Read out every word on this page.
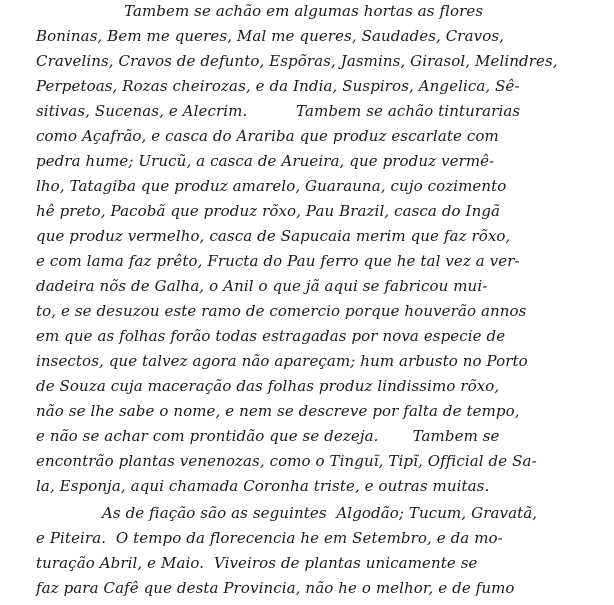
Tambem se achão em algumas hortas as flores
Boninas, Bem me queres, Mal me queres, Saudades, Cravos,
Cravelins, Cravos de defunto, Espõras, Jasmins, Girasol, Melindres,
Perpetoas, Rozas cheirozas, e da India, Suspiros, Angelica, Sê-
sitivas, Sucenas, e Alecrim.          Tambem se achão tinturarias
como Açafrão, e casca do Arariba que produz escarlate com
pedra hume; Urucũ, a casca de Arueira, que produz vermê-
lho, Tatagiba que produz amarelo, Guarauna, cujo cozimento
hê preto, Pacobã que produz rõxo, Pau Brazil, casca do Ingã
que produz vermelho, casca de Sapucaia merim que faz rõxo,
e com lama faz prêto, Fructa do Pau ferro que he tal vez a ver-
dadeira nõs de Galha, o Anil o que jã aqui se fabricou mui-
to, e se desuzou este ramo de comercio porque houverão annos
em que as folhas forão todas estragadas por nova especie de
insectos, que talvez agora não apareçam; hum arbusto no Porto
de Souza cuja maceração das folhas produz lindissimo rõxo,
não se lhe sabe o nome, e nem se descreve por falta de tempo,
e não se achar com prontidão que se dezeja.       Tambem se
encontrão plantas venenozas, como o Tinguĩ, Tipĩ, Official de Sa-
la, Esponja, aqui chamada Coronha triste, e outras muitas.
As de fiação são as seguintes  Algodão; Tucum, Gravatã,
e Piteira.  O tempo da florecencia he em Setembro, e da mo-
turação Abril, e Maio.  Viveiros de plantas unicamente se
faz para Cafê que desta Provincia, não he o melhor, e de fumo
